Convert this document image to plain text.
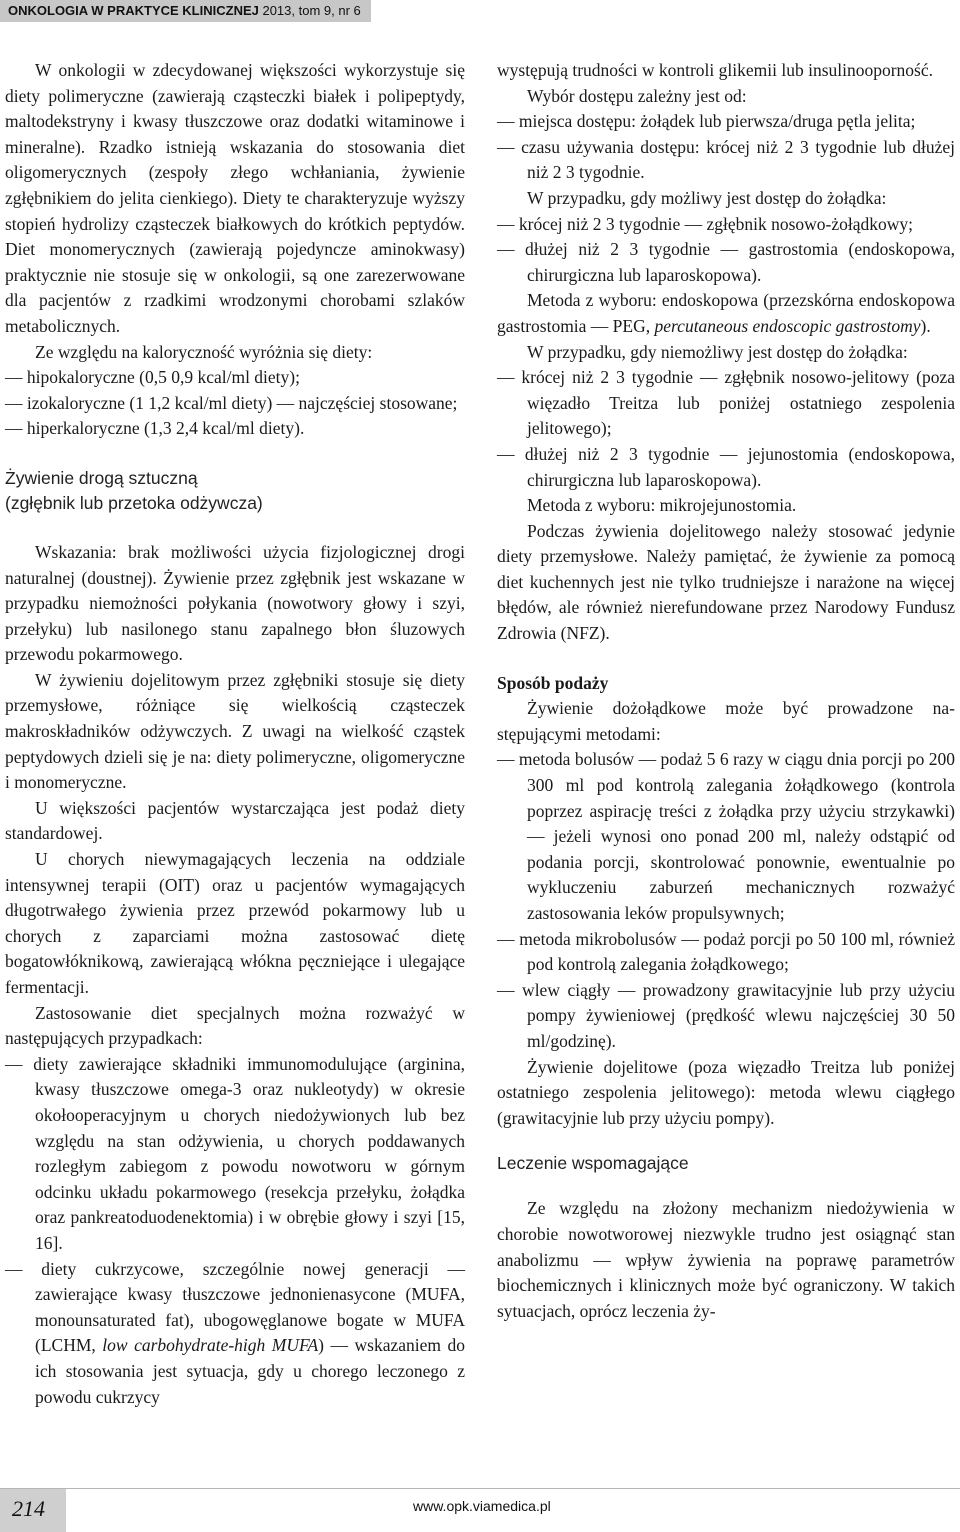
ONKOLOGIA W PRAKTYCE KLINICZNEJ 2013, tom 9, nr 6

W onkologii w zdecydowanej większości wykorzystuje się diety polimeryczne (zawierają cząsteczki białek i polipeptydy, maltodekstryny i kwasy tłuszczowe oraz dodatki witaminowe i mineralne). Rzadko istnieją wskazania do stosowania diet oligomerycznych (zespoły złego wchłaniania, żywienie zgłębnikiem do jelita cienkiego). Diety te charakteryzuje wyższy stopień hydrolizy cząsteczek białkowych do krótkich peptydów. Diet monomerycznych (zawierają pojedyncze aminokwasy) praktycznie nie stosuje się w onkologii, są one zarezerwowane dla pacjentów z rzadkimi wrodzonymi chorobami szlaków metabolicznych.

Ze względu na kaloryczność wyróżnia się diety:

— hipokaloryczne (0,5 0,9 kcal/ml diety);

— izokaloryczne (1 1,2 kcal/ml diety) — najczęściej stosowane;

— hiperkaloryczne (1,3 2,4 kcal/ml diety).

Żywienie drogą sztuczną

(zgłębnik lub przetoka odżywcza)

Wskazania: brak możliwości użycia fizjologicznej drogi naturalnej (doustnej). Żywienie przez zgłębnik jest wskazane w przypadku niemożności połykania (nowotwory głowy i szyi, przełyku) lub nasilonego stanu zapalnego błon śluzowych przewodu pokarmowego.

W żywieniu dojelitowym przez zgłębniki stosuje się diety przemysłowe, różniące się wielkością cząsteczek makroskładników odżywczych. Z uwagi na wielkość cząstek peptydowych dzieli się je na: diety polimeryczne, oligomeryczne i monomeryczne.

U większości pacjentów wystarczająca jest podaż diety standardowej.

U chorych niewymagających leczenia na oddziale intensywnej terapii (OIT) oraz u pacjentów wymagających długotrwałego żywienia przez przewód pokarmowy lub u chorych z zaparciami można zastosować dietę bogatowłóknikową, zawierającą włókna pęczniejące i ulegające fermentacji.

Zastosowanie diet specjalnych można rozważyć w następujących przypadkach:

— diety zawierające składniki immunomodulujące (arginina, kwasy tłuszczowe omega-3 oraz nukleotydy) w okresie okołooperacyjnym u chorych niedożywionych lub bez względu na stan odżywienia, u chorych poddawanych rozległym zabiegom z powodu nowotworu w górnym odcinku układu pokarmowego (resekcja przełyku, żołądka oraz pankreatoduodenektomia) i w obrębie głowy i szyi [15, 16].

— diety cukrzycowe, szczególnie nowej generacji — zawierające kwasy tłuszczowe jednonienasycone (MUFA, monounsaturated fat), ubogowęglanowe bogate w MUFA (LCHM, low carbohydrate-high MUFA) — wskazaniem do ich stosowania jest sytuacja, gdy u chorego leczonego z powodu cukrzycy

występują trudności w kontroli glikemii lub insulinooporność.

Wybór dostępu zależny jest od:

— miejsca dostępu: żołądek lub pierwsza/druga pętla jelita;

— czasu używania dostępu: krócej niż 2 3 tygodnie lub dłużej niż 2 3 tygodnie.

W przypadku, gdy możliwy jest dostęp do żołądka:

— krócej niż 2 3 tygodnie — zgłębnik nosowo-żołądkowy;

— dłużej niż 2 3 tygodnie — gastrostomia (endoskopowa, chirurgiczna lub laparoskopowa).

Metoda z wyboru: endoskopowa (przezskórna endoskopowa gastrostomia — PEG, percutaneous endoscopic gastrostomy).

W przypadku, gdy niemożliwy jest dostęp do żołądka:

— krócej niż 2 3 tygodnie — zgłębnik nosowo-jelitowy (poza więzadło Treitza lub poniżej ostatniego zespolenia jelitowego);

— dłużej niż 2 3 tygodnie — jejunostomia (endoskopowa, chirurgiczna lub laparoskopowa).

Metoda z wyboru: mikrojejunostomia.

Podczas żywienia dojelitowego należy stosować jedynie diety przemysłowe. Należy pamiętać, że żywienie za pomocą diet kuchennych jest nie tylko trudniejsze i narażone na więcej błędów, ale również nierefundowane przez Narodowy Fundusz Zdrowia (NFZ).

Sposób podaży

Żywienie dożołądkowe może być prowadzone następującymi metodami:

— metoda bolusów — podaż 5 6 razy w ciągu dnia porcji po 200 300 ml pod kontrolą zalegania żołądkowego (kontrola poprzez aspirację treści z żołądka przy użyciu strzykawki) — jeżeli wynosi ono ponad 200 ml, należy odstąpić od podania porcji, skontrolować ponownie, ewentualnie po wykluczeniu zaburzeń mechanicznych rozważyć zastosowania leków propulsywnych;

— metoda mikrobolusów — podaż porcji po 50 100 ml, również pod kontrolą zalegania żołądkowego;

— wlew ciągły — prowadzony grawitacyjnie lub przy użyciu pompy żywieniowej (prędkość wlewu najczęściej 30 50 ml/godzinę).

Żywienie dojelitowe (poza więzadło Treitza lub poniżej ostatniego zespolenia jelitowego): metoda wlewu ciągłego (grawitacyjnie lub przy użyciu pompy).

Leczenie wspomagające

Ze względu na złożony mechanizm niedożywienia w chorobie nowotworowej niezwykle trudno jest osiągnąć stan anabolizmu — wpływ żywienia na poprawę parametrów biochemicznych i klinicznych może być ograniczony. W takich sytuacjach, oprócz leczenia ży-

214	www.opk.viamedica.pl
